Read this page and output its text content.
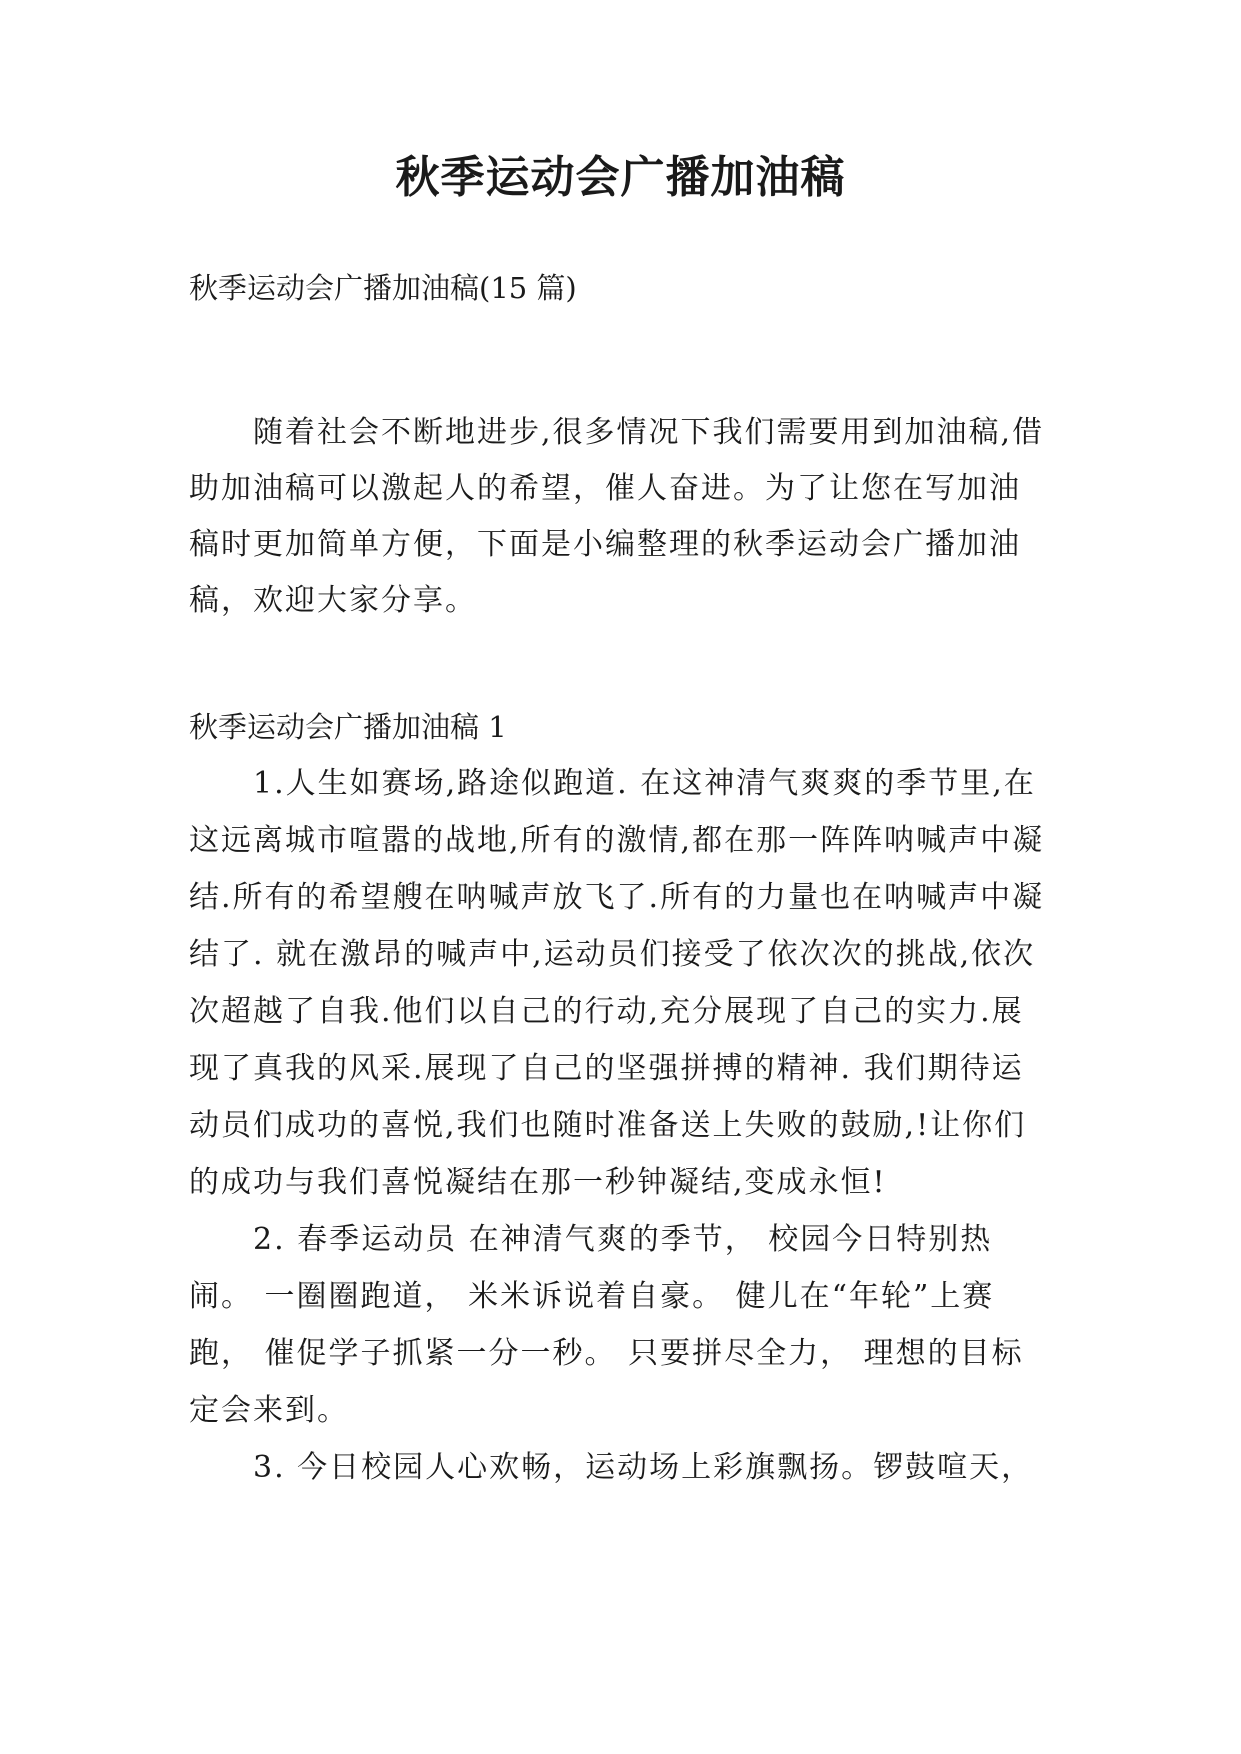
秋季运动会广播加油稿

秋季运动会广播加油稿(15 篇)

随着社会不断地进步,很多情况下我们需要用到加油稿,借助加油稿可以激起人的希望，催人奋进。为了让您在写加油稿时更加简单方便，下面是小编整理的秋季运动会广播加油稿，欢迎大家分享。

秋季运动会广播加油稿 1

1.人生如赛场,路途似跑道. 在这神清气爽爽的季节里,在这远离城市喧嚣的战地,所有的激情,都在那一阵阵呐喊声中凝结.所有的希望艘在呐喊声放飞了.所有的力量也在呐喊声中凝结了. 就在激昂的喊声中,运动员们接受了依次次的挑战,依次次超越了自我.他们以自己的行动,充分展现了自己的实力.展现了真我的风采.展现了自己的坚强拼搏的精神. 我们期待运动员们成功的喜悦,我们也随时准备送上失败的鼓励,!让你们的成功与我们喜悦凝结在那一秒钟凝结,变成永恒!

2. 春季运动员 在神清气爽的季节， 校园今日特别热闹。 一圈圈跑道， 米米诉说着自豪。 健儿在“年轮”上赛跑， 催促学子抓紧一分一秒。 只要拼尽全力， 理想的目标定会来到。

3. 今日校园人心欢畅，运动场上彩旗飘扬。锣鼓喧天，
